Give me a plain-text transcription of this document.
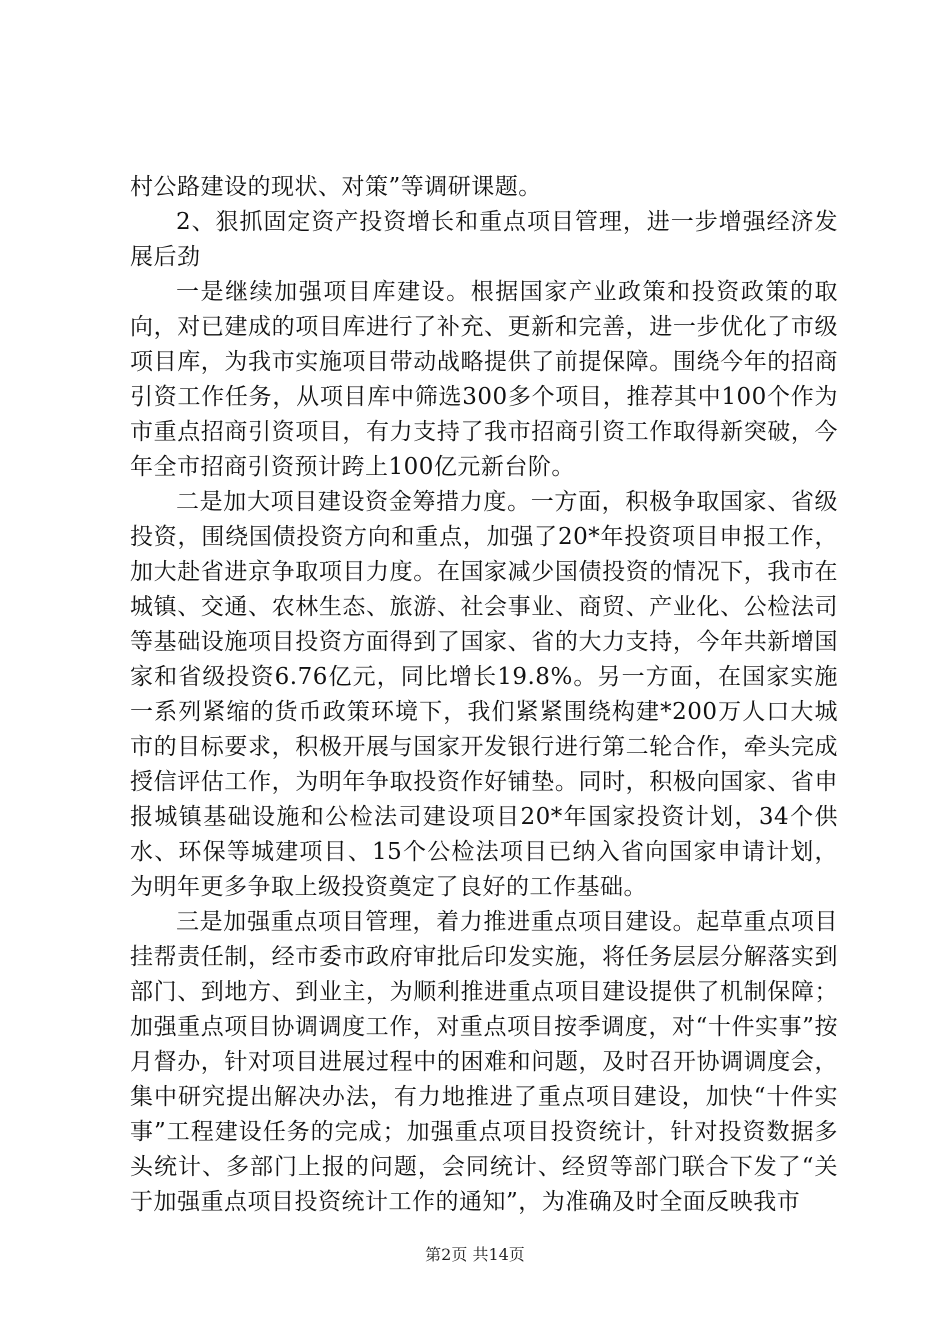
村公路建设的现状、对策”等调研课题。

2、狠抓固定资产投资增长和重点项目管理，进一步增强经济发展后劲

一是继续加强项目库建设。根据国家产业政策和投资政策的取向，对已建成的项目库进行了补充、更新和完善，进一步优化了市级项目库，为我市实施项目带动战略提供了前提保障。围绕今年的招商引资工作任务，从项目库中筛选300多个项目，推荐其中100个作为市重点招商引资项目，有力支持了我市招商引资工作取得新突破，今年全市招商引资预计跨上100亿元新台阶。

二是加大项目建设资金筹措力度。一方面，积极争取国家、省级投资，围绕国债投资方向和重点，加强了20*年投资项目申报工作，加大赴省进京争取项目力度。在国家减少国债投资的情况下，我市在城镇、交通、农林生态、旅游、社会事业、商贸、产业化、公检法司等基础设施项目投资方面得到了国家、省的大力支持，今年共新增国家和省级投资6.76亿元，同比增长19.8%。另一方面，在国家实施一系列紧缩的货币政策环境下，我们紧紧围绕构建*200万人口大城市的目标要求，积极开展与国家开发银行进行第二轮合作，牵头完成授信评估工作，为明年争取投资作好铺垫。同时，积极向国家、省申报城镇基础设施和公检法司建设项目20*年国家投资计划，34个供水、环保等城建项目、15个公检法项目已纳入省向国家申请计划，为明年更多争取上级投资奠定了良好的工作基础。

三是加强重点项目管理，着力推进重点项目建设。起草重点项目挂帮责任制，经市委市政府审批后印发实施，将任务层层分解落实到部门、到地方、到业主，为顺利推进重点项目建设提供了机制保障；加强重点项目协调调度工作，对重点项目按季调度，对“十件实事”按月督办，针对项目进展过程中的困难和问题，及时召开协调调度会，集中研究提出解决办法，有力地推进了重点项目建设，加快“十件实事”工程建设任务的完成；加强重点项目投资统计，针对投资数据多头统计、多部门上报的问题，会同统计、经贸等部门联合下发了“关于加强重点项目投资统计工作的通知”，为准确及时全面反映我市

第2页 共14页
